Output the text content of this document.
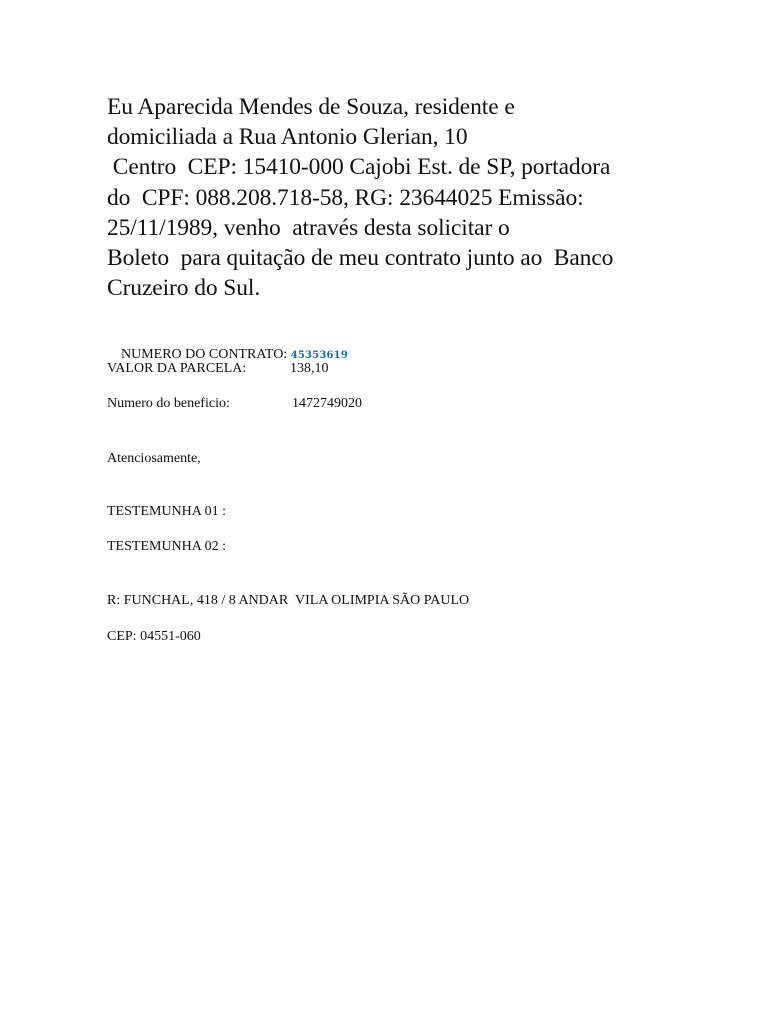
Eu Aparecida Mendes de Souza, residente e
domiciliada a Rua Antonio Glerian, 10
Centro  CEP: 15410-000 Cajobi Est. de SP, portadora
do  CPF: 088.208.718-58, RG: 23644025 Emissão:
25/11/1989, venho  através desta solicitar o
Boleto  para quitação de meu contrato junto ao  Banco
Cruzeiro do Sul.

NUMERO DO CONTRATO: 45353619

VALOR DA PARCELA:	138,10
Numero do beneficio:	1472749020
Atenciosamente,
TESTEMUNHA 01 :
TESTEMUNHA 02 :
R: FUNCHAL, 418 / 8 ANDAR  VILA OLIMPIA SÃO PAULO
CEP: 04551-060
